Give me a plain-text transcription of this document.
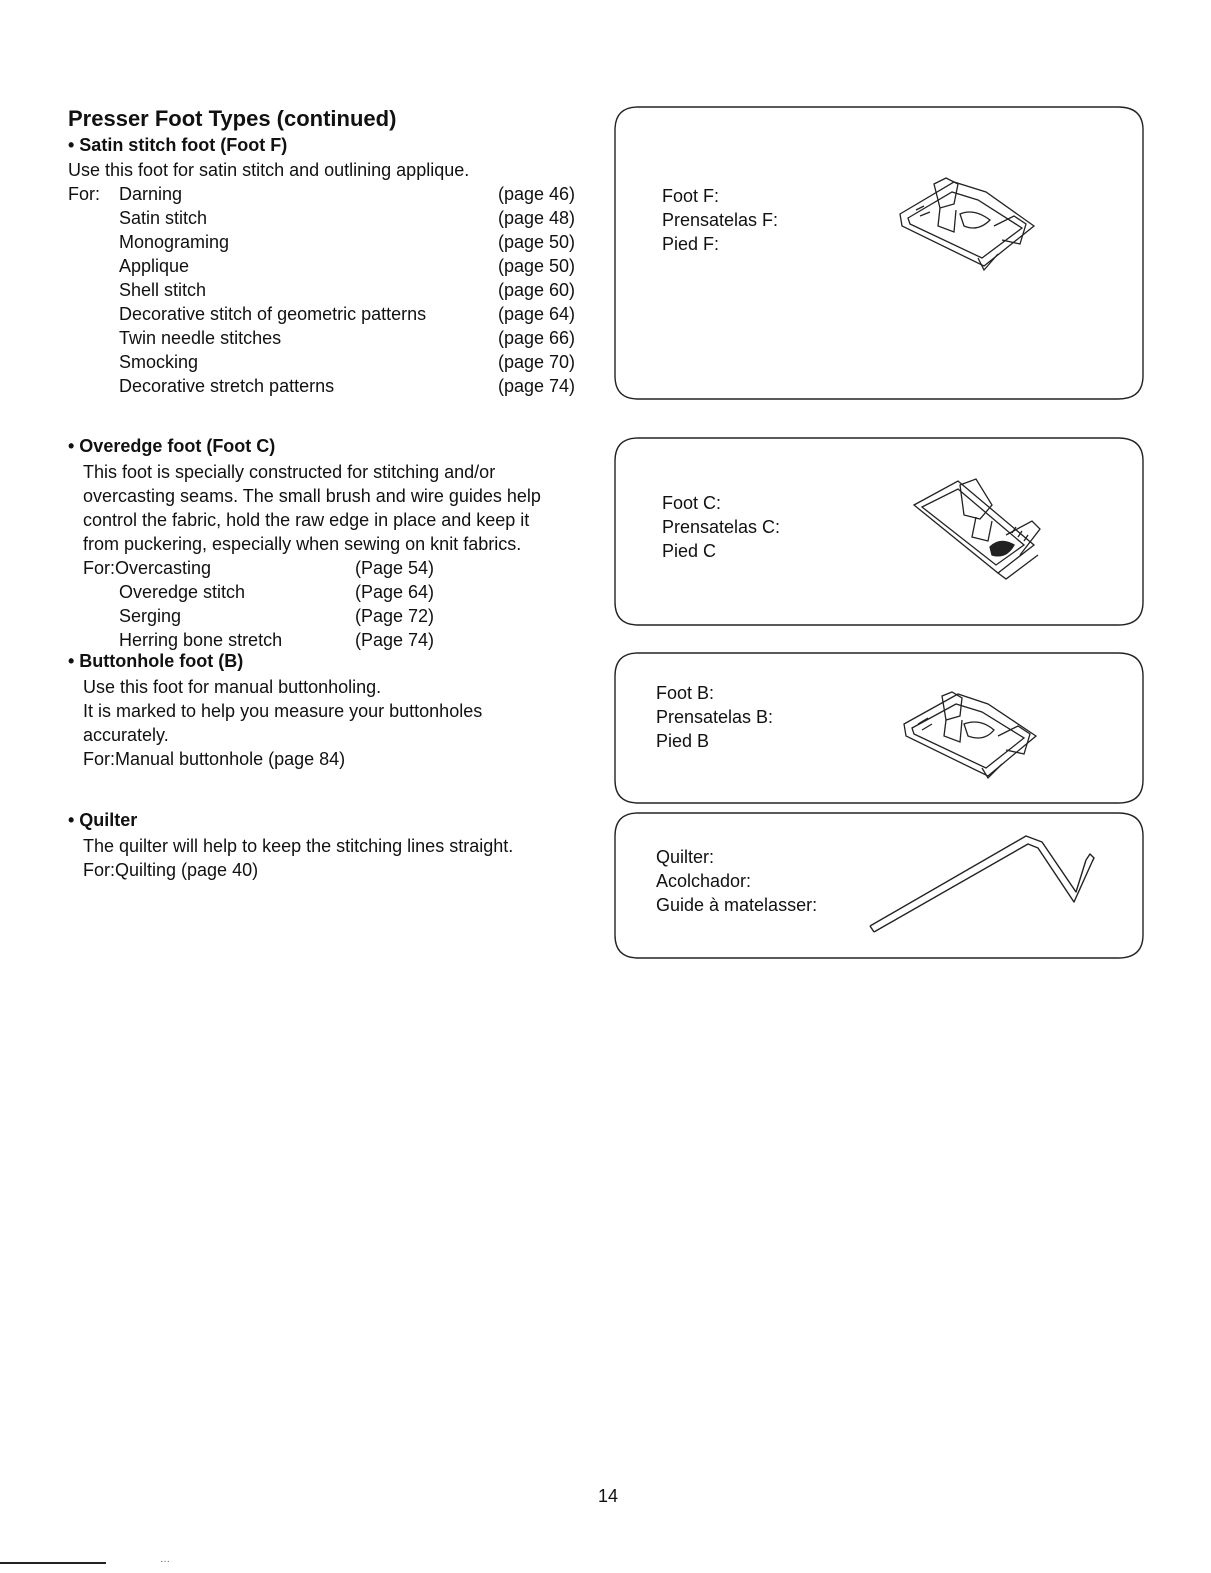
Presser Foot Types (continued)
• Satin stitch foot (Foot F)
Use this foot for satin stitch and outlining applique.
For: Darning	(page 46)
Satin stitch	(page 48)
Monograming	(page 50)
Applique	(page 50)
Shell stitch	(page 60)
Decorative stitch of geometric patterns	(page 64)
Twin needle stitches	(page 66)
Smocking	(page 70)
Decorative stretch patterns	(page 74)
• Overedge foot (Foot C)
This foot is specially constructed for stitching and/or
overcasting seams. The small brush and wire guides help
control the fabric, hold the raw edge in place and keep it
from puckering, especially when sewing on knit fabrics.
For:Overcasting	(Page 54)
Overedge stitch	(Page 64)
Serging	(Page 72)
Herring bone stretch	(Page 74)
• Buttonhole foot (B)
Use this foot for manual buttonholing.
It is marked to help you measure your buttonholes
accurately.
For:Manual buttonhole (page 84)
• Quilter
The quilter will help to keep the stitching lines straight.
For:Quilting (page 40)
Foot F:
Prensatelas F:
Pied F:
Foot C:
Prensatelas C:
Pied C
Foot B:
Prensatelas B:
Pied B
Quilter:
Acolchador:
Guide à matelasser:
14
···
